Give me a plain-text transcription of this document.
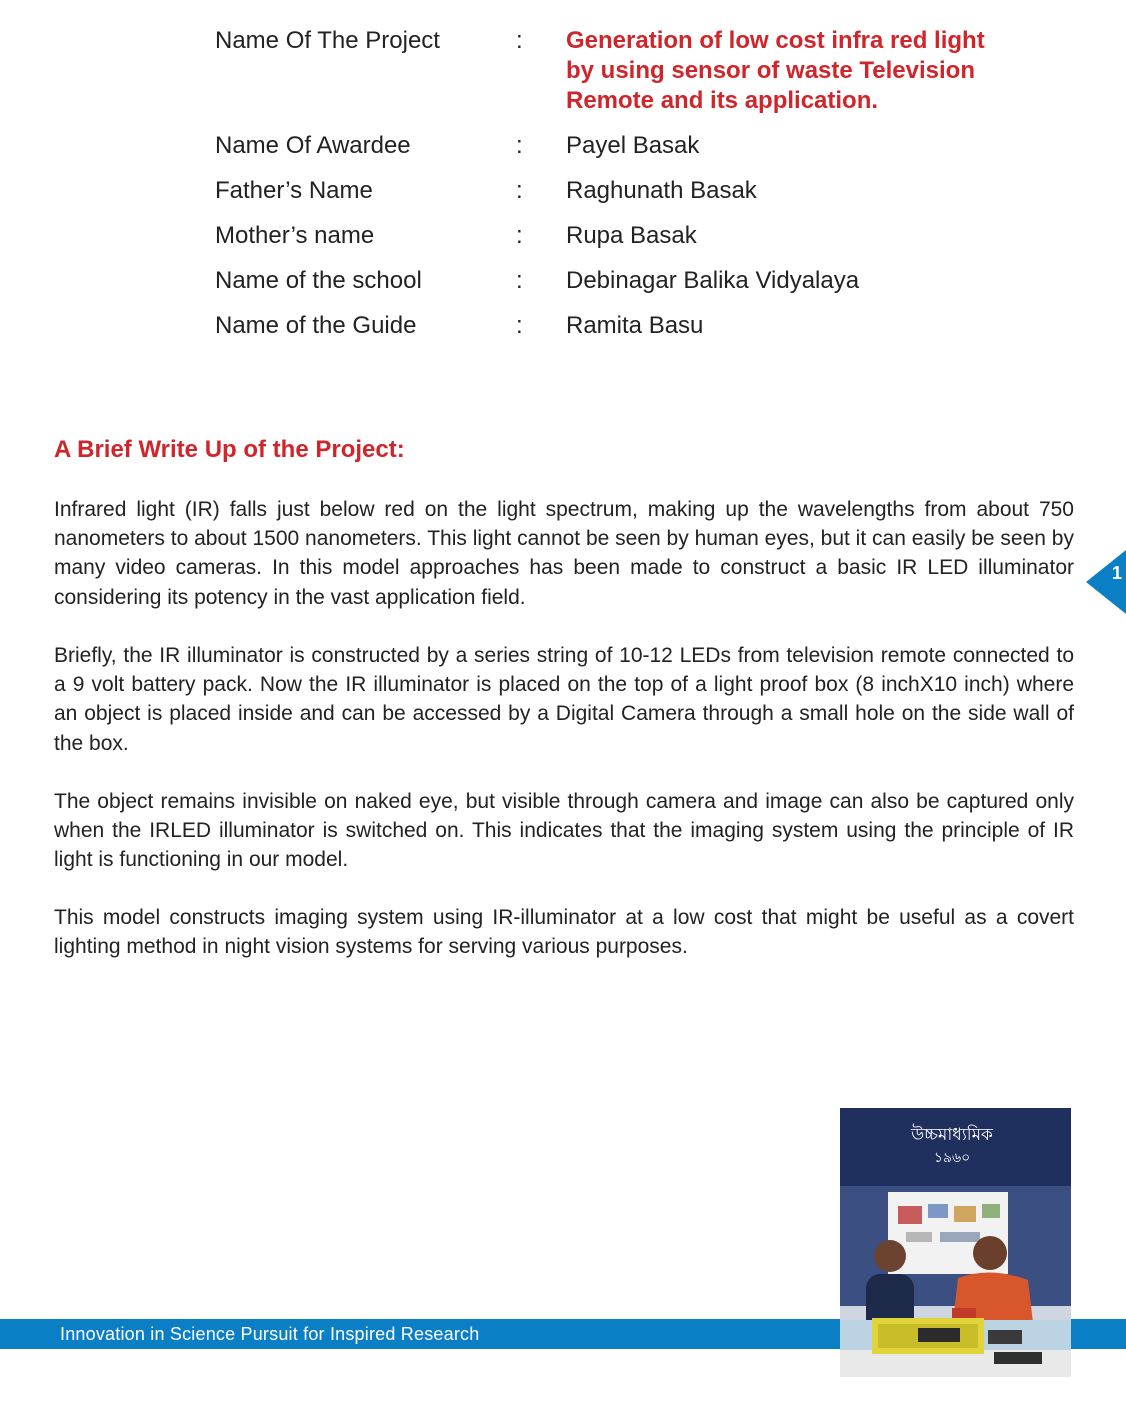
Name Of The Project	: Generation of low cost infra red light
by using sensor of waste Television
Remote and its application.
Name Of Awardee	: Payel Basak
Father’s Name	: Raghunath Basak
Mother’s name	: Rupa Basak
Name of the school	: Debinagar Balika Vidyalaya
Name of the Guide	: Ramita Basu
A Brief Write Up of the Project:

Infrared light (IR) falls just below red on the light spectrum, making up the wavelengths from about 750 nanometers to about 1500 nanometers. This light cannot be seen by human eyes, but it can easily be seen by many video cameras. In this model approaches has been made to construct a basic IR LED illuminator considering its potency in the vast application field.

Briefly, the IR illuminator is constructed by a series string of 10-12 LEDs from television remote connected to a 9 volt battery pack. Now the IR illuminator is placed on the top of a light proof box (8 inchX10 inch) where an object is placed inside and can be accessed by a Digital Camera through a small hole on the side wall of the box.

The object remains invisible on naked eye, but visible through camera and image can also be captured only when the IRLED illuminator is switched on. This indicates that the imaging system using the principle of IR light is functioning in our model.

This model constructs imaging system using IR-illuminator at a low cost that might be useful as a covert lighting method in night vision systems for serving various purposes.

1
Innovation in Science Pursuit for Inspired Research
উচ্চমাধ্যমিক
১৯৬০
